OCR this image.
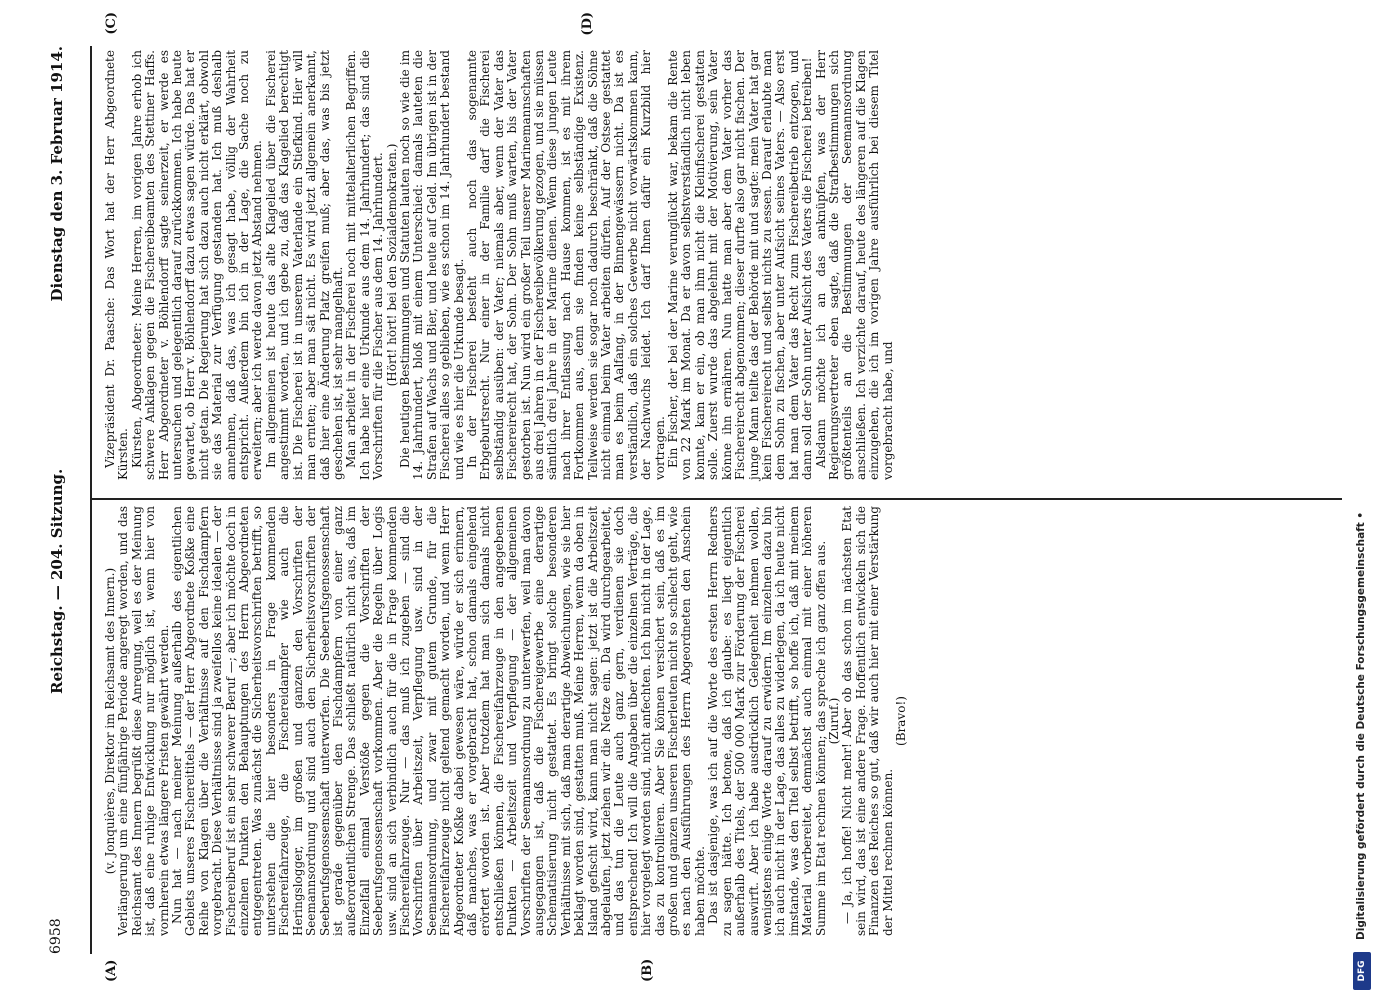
6958
Reichstag. — 204. Sitzung.
Dienstag den 3. Februar 1914.
(A)	(B)
(C)	(D)

(v. Jonquières, Direktor im Reichsamt des Innern.) Verlängerung um eine fünfjährige Periode angeregt worden, und das Reichsamt des Innern begrüßt diese Anregung, weil es der Meinung ist, daß eine ruhige Entwicklung nur möglich ist, wenn hier von vornherein etwas längere Fristen gewährt werden. Nun hat — nach meiner Meinung außerhalb des eigentlichen Gebiets unseres Fischereititels — der Herr Abgeordnete Koßke eine Reihe von Klagen über die Verhältnisse auf den Fischdampfern vorgebracht. Diese Verhältnisse sind ja zweifellos keine idealen — der Fischereiberuf ist ein sehr schwerer Beruf —; aber ich möchte doch in einzelnen Punkten den Behauptungen des Herrn Abgeordneten entgegentreten. Was zunächst die Sicherheitsvorschriften betrifft, so unterstehen die hier besonders in Frage kommenden Fischereifahrzeuge, die Fischereidampfer wie auch die Heringslogger, im großen und ganzen den Vorschriften der Seemannsordnung und sind auch den Sicherheitsvorschriften der Seeberufsgenossenschaft unterworfen. Die Seeberufsgenossenschaft ist gerade gegenüber den Fischdampfern von einer ganz außerordentlichen Strenge. Das schließt natürlich nicht aus, daß im Einzelfall einmal Verstöße gegen die Vorschriften der Seeberufsgenossenschaft vorkommen. Aber die Regeln über Logis usw. sind an sich verbindlich auch für die in Frage kommenden Fischereifahrzeuge. Nur — das muß ich zugeben — sind die Vorschriften über Arbeitszeit, Verpflegung usw. sind in der Seemannsordnung, und zwar mit gutem Grunde, für die Fischereifahrzeuge nicht geltend gemacht worden, und wenn Herr Abgeordneter Koßke dabei gewesen wäre, würde er sich erinnern, daß manches, was er vorgebracht hat, schon damals eingehend erörtert worden ist. Aber trotzdem hat man sich damals nicht entschließen können, die Fischereifahrzeuge in den angegebenen Punkten — Arbeitszeit und Verpflegung — der allgemeinen Vorschriften der Seemannsordnung zu unterwerfen, weil man davon ausgegangen ist, daß die Fischereigewerbe eine derartige Schematisierung nicht gestattet. Es bringt solche besonderen Verhältnisse mit sich, daß man derartige Abweichungen, wie sie hier beklagt worden sind, gestatten muß. Meine Herren, wenn da oben in Island gefischt wird, kann man nicht sagen: jetzt ist die Arbeitszeit abgelaufen, jetzt ziehen wir die Netze ein. Da wird durchgearbeitet, und das tun die Leute auch ganz gern, verdienen sie doch entsprechend! Ich will die Angaben über die einzelnen Verträge, die hier vorgelegt worden sind, nicht anfechten. Ich bin nicht in der Lage, das zu kontrollieren. Aber Sie können versichert sein, daß es im großen und ganzen unseren Fischerleuten nicht so schlecht geht, wie es nach den Ausführungen des Herrn Abgeordneten den Anschein haben möchte. Das ist dasjenige, was ich auf die Worte des ersten Herrn Redners zu sagen hätte. Ich betone, daß ich glaube: es liegt eigentlich außerhalb des Titels, der 500 000 Mark zur Förderung der Fischerei auswirft. Aber ich habe ausdrücklich Gelegenheit nehmen wollen, wenigstens einige Worte darauf zu erwidern. Im einzelnen dazu bin ich auch nicht in der Lage, das alles zu widerlegen, da ich heute nicht imstande, was den Titel selbst betrifft, so hoffe ich, daß mit meinem Material vorbereitet, demnächst auch einmal mit einer höheren Summe im Etat rechnen können; das spreche ich ganz offen aus. (Zuruf.) — Ja, ich hoffe! Nicht mehr! Aber ob das schon im nächsten Etat sein wird, das ist eine andere Frage. Hoffentlich entwickeln sich die Finanzen des Reiches so gut, daß wir auch hier mit einer Verstärkung der Mittel rechnen können.

(Bravo!)

Vizepräsident Dr. Paasche: Das Wort hat der Herr Abgeordnete Kürsten. Kürsten, Abgeordneter: Meine Herren, im vorigen Jahre erhob ich schwere Anklagen gegen die Fischereibeamten des Stettiner Haffs. Herr Abgeordneter v. Böhlendorff sagte seinerzeit, er werde es untersuchen und gelegentlich darauf zurückkommen. Ich habe heute gewartet, ob Herr v. Böhlendorff dazu etwas sagen würde. Das hat er nicht getan. Die Regierung hat sich dazu auch nicht erklärt, obwohl sie das Material zur Verfügung gestanden hat. Ich muß deshalb annehmen, daß das, was ich gesagt habe, völlig der Wahrheit entspricht. Außerdem bin ich in der Lage, die Sache noch zu erweitern; aber ich werde davon jetzt Abstand nehmen. Im allgemeinen ist heute das alte Klagelied über die Fischerei angestimmt worden, und ich gebe zu, daß das Klagelied berechtigt ist. Die Fischerei ist in unserem Vaterlande ein Stiefkind. Hier will man ernten; aber man sät nicht. Es wird jetzt allgemein anerkannt, daß hier eine Änderung Platz greifen muß; aber das, was bis jetzt geschehen ist, ist sehr mangelhaft. Man arbeitet in der Fischerei noch mit mittelalterlichen Begriffen. Ich habe hier eine Urkunde aus dem 14. Jahrhundert; das sind die Vorschriften für die Fischer aus dem 14. Jahrhundert. (Hört! hört! bei den Sozialdemokraten.) Die heutigen Bestimmungen und Statuten lauten noch so wie die im 14. Jahrhundert, bloß mit einem Unterschied: damals lauteten die Strafen auf Wachs und Bier, und heute auf Geld. Im übrigen ist in der Fischerei alles so geblieben, wie es schon im 14. Jahrhundert bestand und wie es hier die Urkunde besagt. In der Fischerei besteht auch noch das sogenannte Erbgeburtsrecht. Nur einer in der Familie darf die Fischerei selbständig ausüben: der Vater; niemals aber, wenn der Vater das Fischereirecht hat, der Sohn. Der Sohn muß warten, bis der Vater gestorben ist. Nun wird ein großer Teil unserer Marinemannschaften aus drei Jahren in der Fischereibevölkerung gezogen, und sie müssen sämtlich drei Jahre in der Marine dienen. Wenn diese jungen Leute nach ihrer Entlassung nach Hause kommen, ist es mit ihrem Fortkommen aus, denn sie finden keine selbständige Existenz. Teilweise werden sie sogar noch dadurch beschränkt, daß die Söhne nicht einmal beim Vater arbeiten dürfen. Auf der Ostsee gestattet man es beim Aalfang, in der Binnengewässern nicht. Da ist es verständlich, daß ein solches Gewerbe nicht vorwärtskommen kann, der Nachwuchs leidet. Ich darf Ihnen dafür ein Kurzbild hier vortragen. Ein Fischer, der bei der Marine verunglückt war, bekam die Rente von 22 Mark im Monat. Da er davon selbstverständlich nicht leben konnte, kam er ein, ob man ihm nicht die Kleinfischerei gestatten solle. Zuerst wurde das abgelehnt mit der Motivierung, sein Vater könne ihn ernähren. Nun hatte man aber dem Vater vorher das Fischereirecht abgenommen; dieser durfte also gar nicht fischen. Der junge Mann teilte das der Behörde mit und sagte: mein Vater hat gar kein Fischereirecht und selbst nichts zu essen. Darauf erlaubte man dem Sohn zu fischen, aber unter Aufsicht seines Vaters. — Also erst hat man dem Vater das Recht zum Fischereibetrieb entzogen, und dann soll der Sohn unter Aufsicht des Vaters die Fischerei betreiben! Alsdann möchte ich an das anknüpfen, was der Herr Regierungsvertreter eben sagte, daß die Strafbestimmungen sich größtenteils an die Bestimmungen der Seemannsordnung anschließen. Ich verzichte darauf, heute des längeren auf die Klagen einzugehen, die ich im vorigen Jahre ausführlich bei diesem Titel vorgebracht habe, und

DFG
Digitalisierung gefördert durch die Deutsche Forschungsgemeinschaft •
